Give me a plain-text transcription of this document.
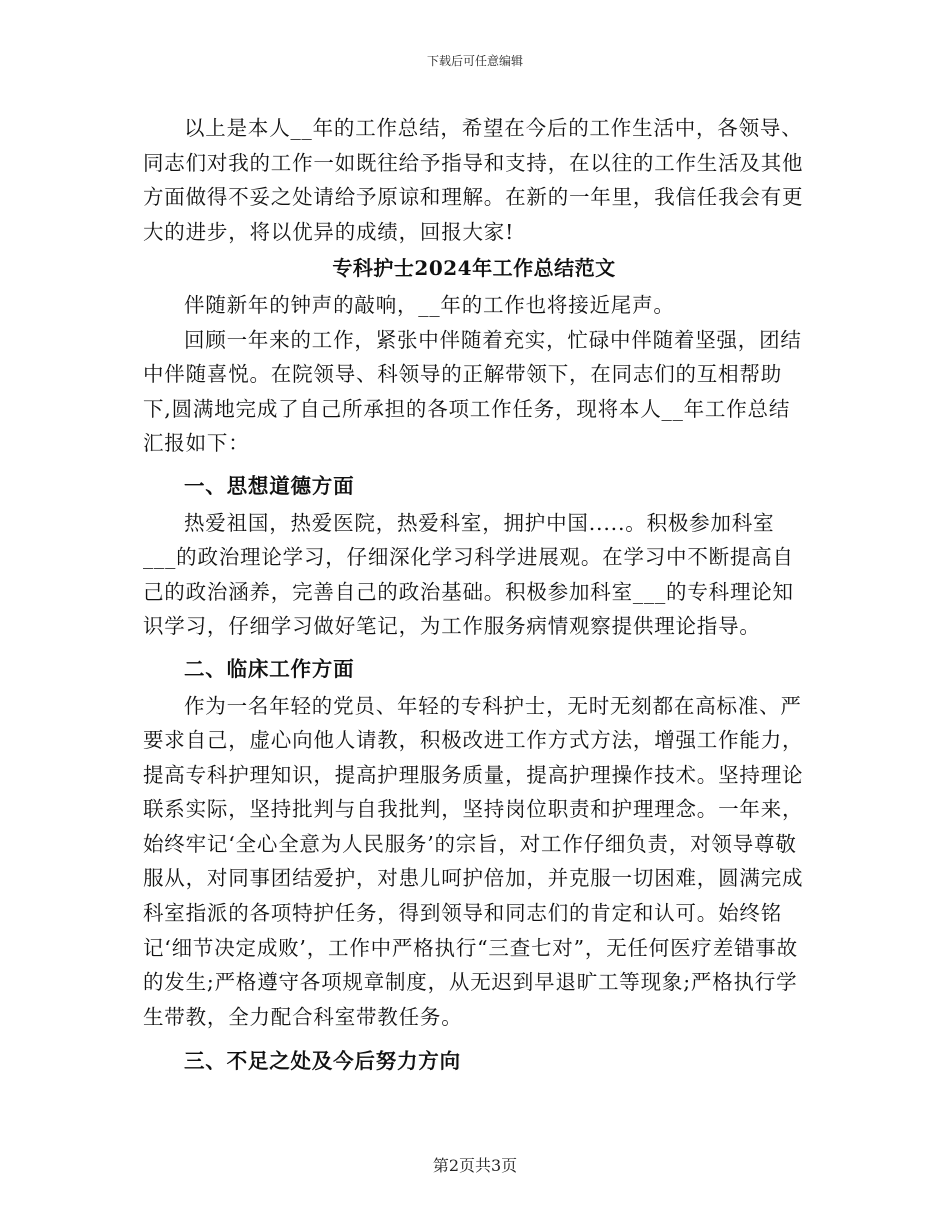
下载后可任意编辑

以上是本人__年的工作总结，希望在今后的工作生活中，各领导、同志们对我的工作一如既往给予指导和支持，在以往的工作生活及其他方面做得不妥之处请给予原谅和理解。在新的一年里，我信任我会有更大的进步，将以优异的成绩，回报大家!

专科护士2024年工作总结范文

伴随新年的钟声的敲响，__年的工作也将接近尾声。

回顾一年来的工作，紧张中伴随着充实，忙碌中伴随着坚强，团结中伴随喜悦。在院领导、科领导的正解带领下，在同志们的互相帮助下,圆满地完成了自己所承担的各项工作任务，现将本人__年工作总结汇报如下：

一、思想道德方面

热爱祖国，热爱医院，热爱科室，拥护中国.....。积极参加科室___的政治理论学习，仔细深化学习科学进展观。在学习中不断提高自己的政治涵养，完善自己的政治基础。积极参加科室___的专科理论知识学习，仔细学习做好笔记，为工作服务病情观察提供理论指导。

二、临床工作方面

作为一名年轻的党员、年轻的专科护士，无时无刻都在高标准、严要求自己，虚心向他人请教，积极改进工作方式方法，增强工作能力，提高专科护理知识，提高护理服务质量，提高护理操作技术。坚持理论联系实际，坚持批判与自我批判，坚持岗位职责和护理理念。一年来，始终牢记‘全心全意为人民服务’的宗旨，对工作仔细负责，对领导尊敬服从，对同事团结爱护，对患儿呵护倍加，并克服一切困难，圆满完成科室指派的各项特护任务，得到领导和同志们的肯定和认可。始终铭记‘细节决定成败’，工作中严格执行“三查七对”，无任何医疗差错事故的发生;严格遵守各项规章制度，从无迟到早退旷工等现象;严格执行学生带教，全力配合科室带教任务。

三、不足之处及今后努力方向

第2页共3页
